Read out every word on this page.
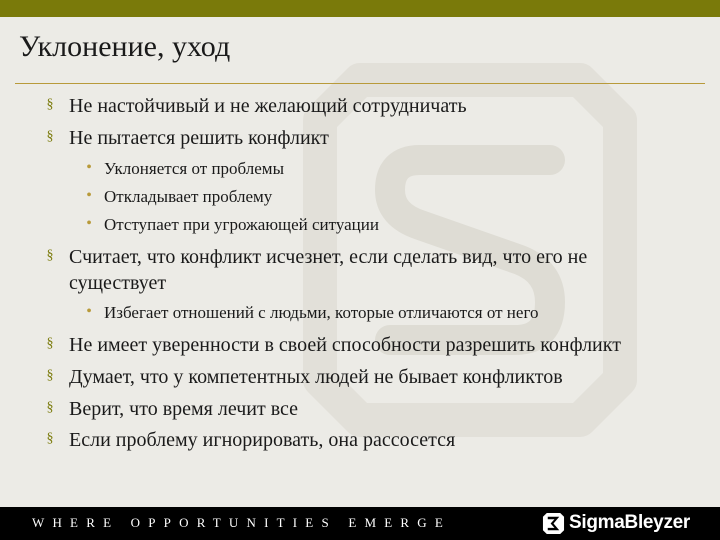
Уклонение, уход
§ Не настойчивый и не желающий сотрудничать
§ Не пытается решить конфликт
• Уклоняется от проблемы
• Откладывает проблему
• Отступает при угрожающей ситуации
§ Считает, что конфликт исчезнет, если сделать вид, что его не
существует
• Избегает отношений с людьми, которые отличаются от него
§ Не имеет уверенности в своей способности разрешить конфликт
§ Думает, что у компетентных людей не бывает конфликтов
§ Верит, что время лечит все
§ Если проблему игнорировать, она рассосется
WHERE OPPORTUNITIES EMERGE	SigmaBleyzer
